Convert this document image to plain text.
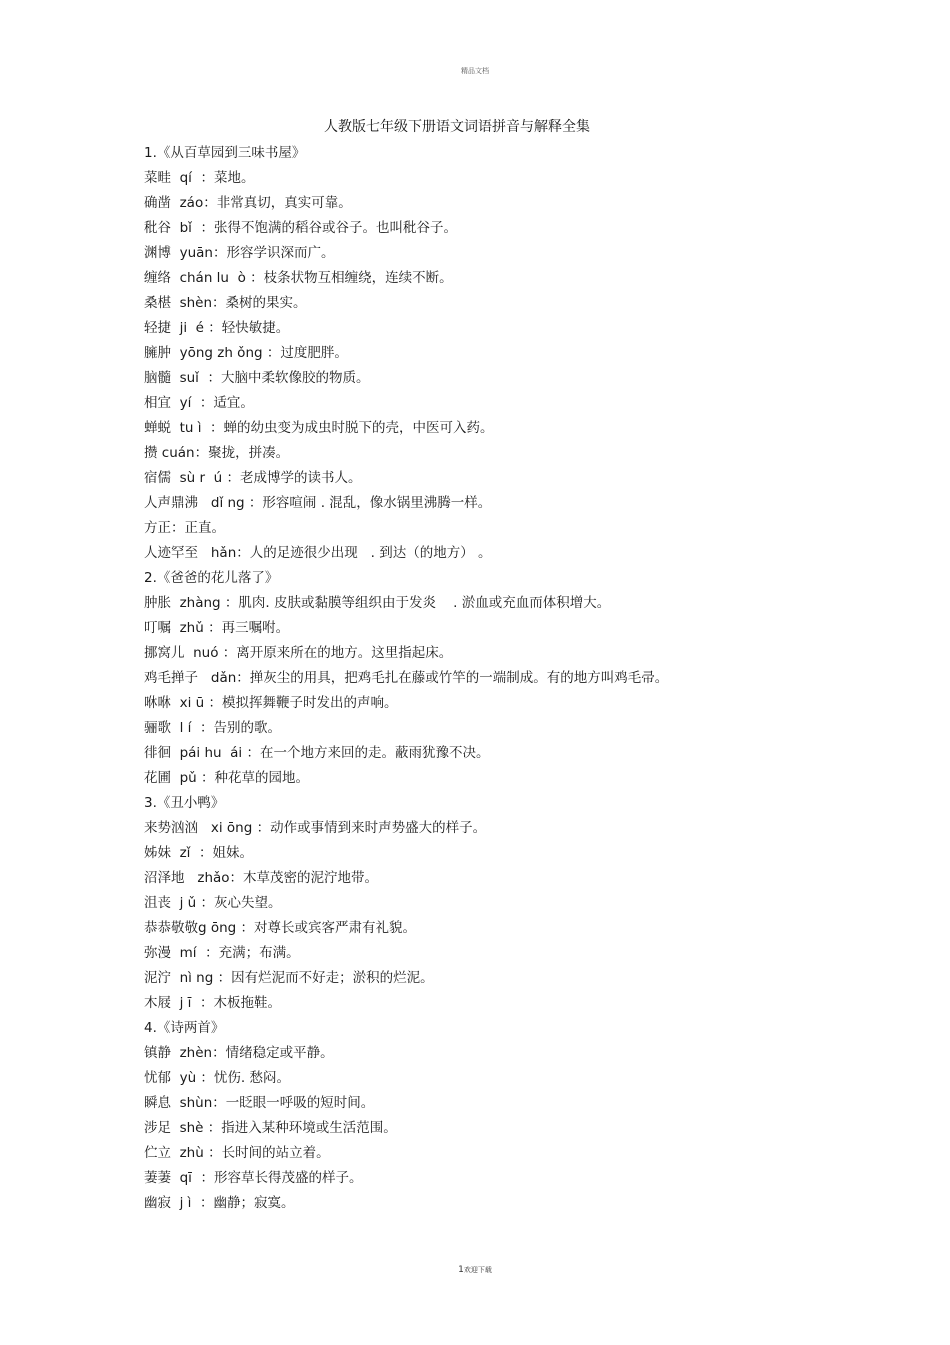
精品文档
人教版七年级下册语文词语拼音与解释全集
1.《从百草园到三味书屋》
菜畦  qí  ：菜地。
确凿  záo：非常真切，真实可靠。
秕谷  bǐ  ：张得不饱满的稻谷或谷子。也叫秕谷子。
渊博  yuān：形容学识深而广。
缠络  chán lu  ò ：枝条状物互相缠绕，连续不断。
桑椹  shèn：桑树的果实。
轻捷  ji  é ：轻快敏捷。
臃肿  yōng zh ǒng ：过度肥胖。
脑髓  suǐ  ：大脑中柔软像胶的物质。
相宜  yí  ：适宜。
蝉蜕  tu ì  ：蝉的幼虫变为成虫时脱下的壳，中医可入药。
攒 cuán：聚拢，拼凑。
宿儒  sù r  ú ：老成博学的读书人。
人声鼎沸   dǐ ng ：形容喧闹 . 混乱，像水锅里沸腾一样。
方正：正直。
人迹罕至   hǎn：人的足迹很少出现   . 到达（的地方） 。
2.《爸爸的花儿落了》
肿胀  zhàng ：肌肉. 皮肤或黏膜等组织由于发炎    . 淤血或充血而体积增大。
叮嘱  zhǔ ：再三嘱咐。
挪窝儿  nuó ：离开原来所在的地方。这里指起床。
鸡毛掸子   dǎn：掸灰尘的用具，把鸡毛扎在藤或竹竿的一端制成。有的地方叫鸡毛帚。
咻咻  xi ū ：模拟挥舞鞭子时发出的声响。
骊歌  l í  ：告别的歌。
徘徊  pái hu  ái ：在一个地方来回的走。蔽雨犹豫不决。
花圃  pǔ ：种花草的园地。
3.《丑小鸭》
来势汹汹   xi ōng ：动作或事情到来时声势盛大的样子。
姊妹  zǐ  ：姐妹。
沼泽地   zhǎo：木草茂密的泥泞地带。
沮丧  j ǔ ：灰心失望。
恭恭敬敬g ōng ：对尊长或宾客严肃有礼貌。
弥漫  mí  ：充满；布满。
泥泞  nì ng ：因有烂泥而不好走；淤积的烂泥。
木屐  j ī  ：木板拖鞋。
4.《诗两首》
镇静  zhèn：情绪稳定或平静。
忧郁  yù ：忧伤. 愁闷。
瞬息  shùn：一眨眼一呼吸的短时间。
涉足  shè ：指进入某种环境或生活范围。
伫立  zhù ：长时间的站立着。
萋萋  qī  ：形容草长得茂盛的样子。
幽寂  j ì  ：幽静；寂寞。
1欢迎下载
